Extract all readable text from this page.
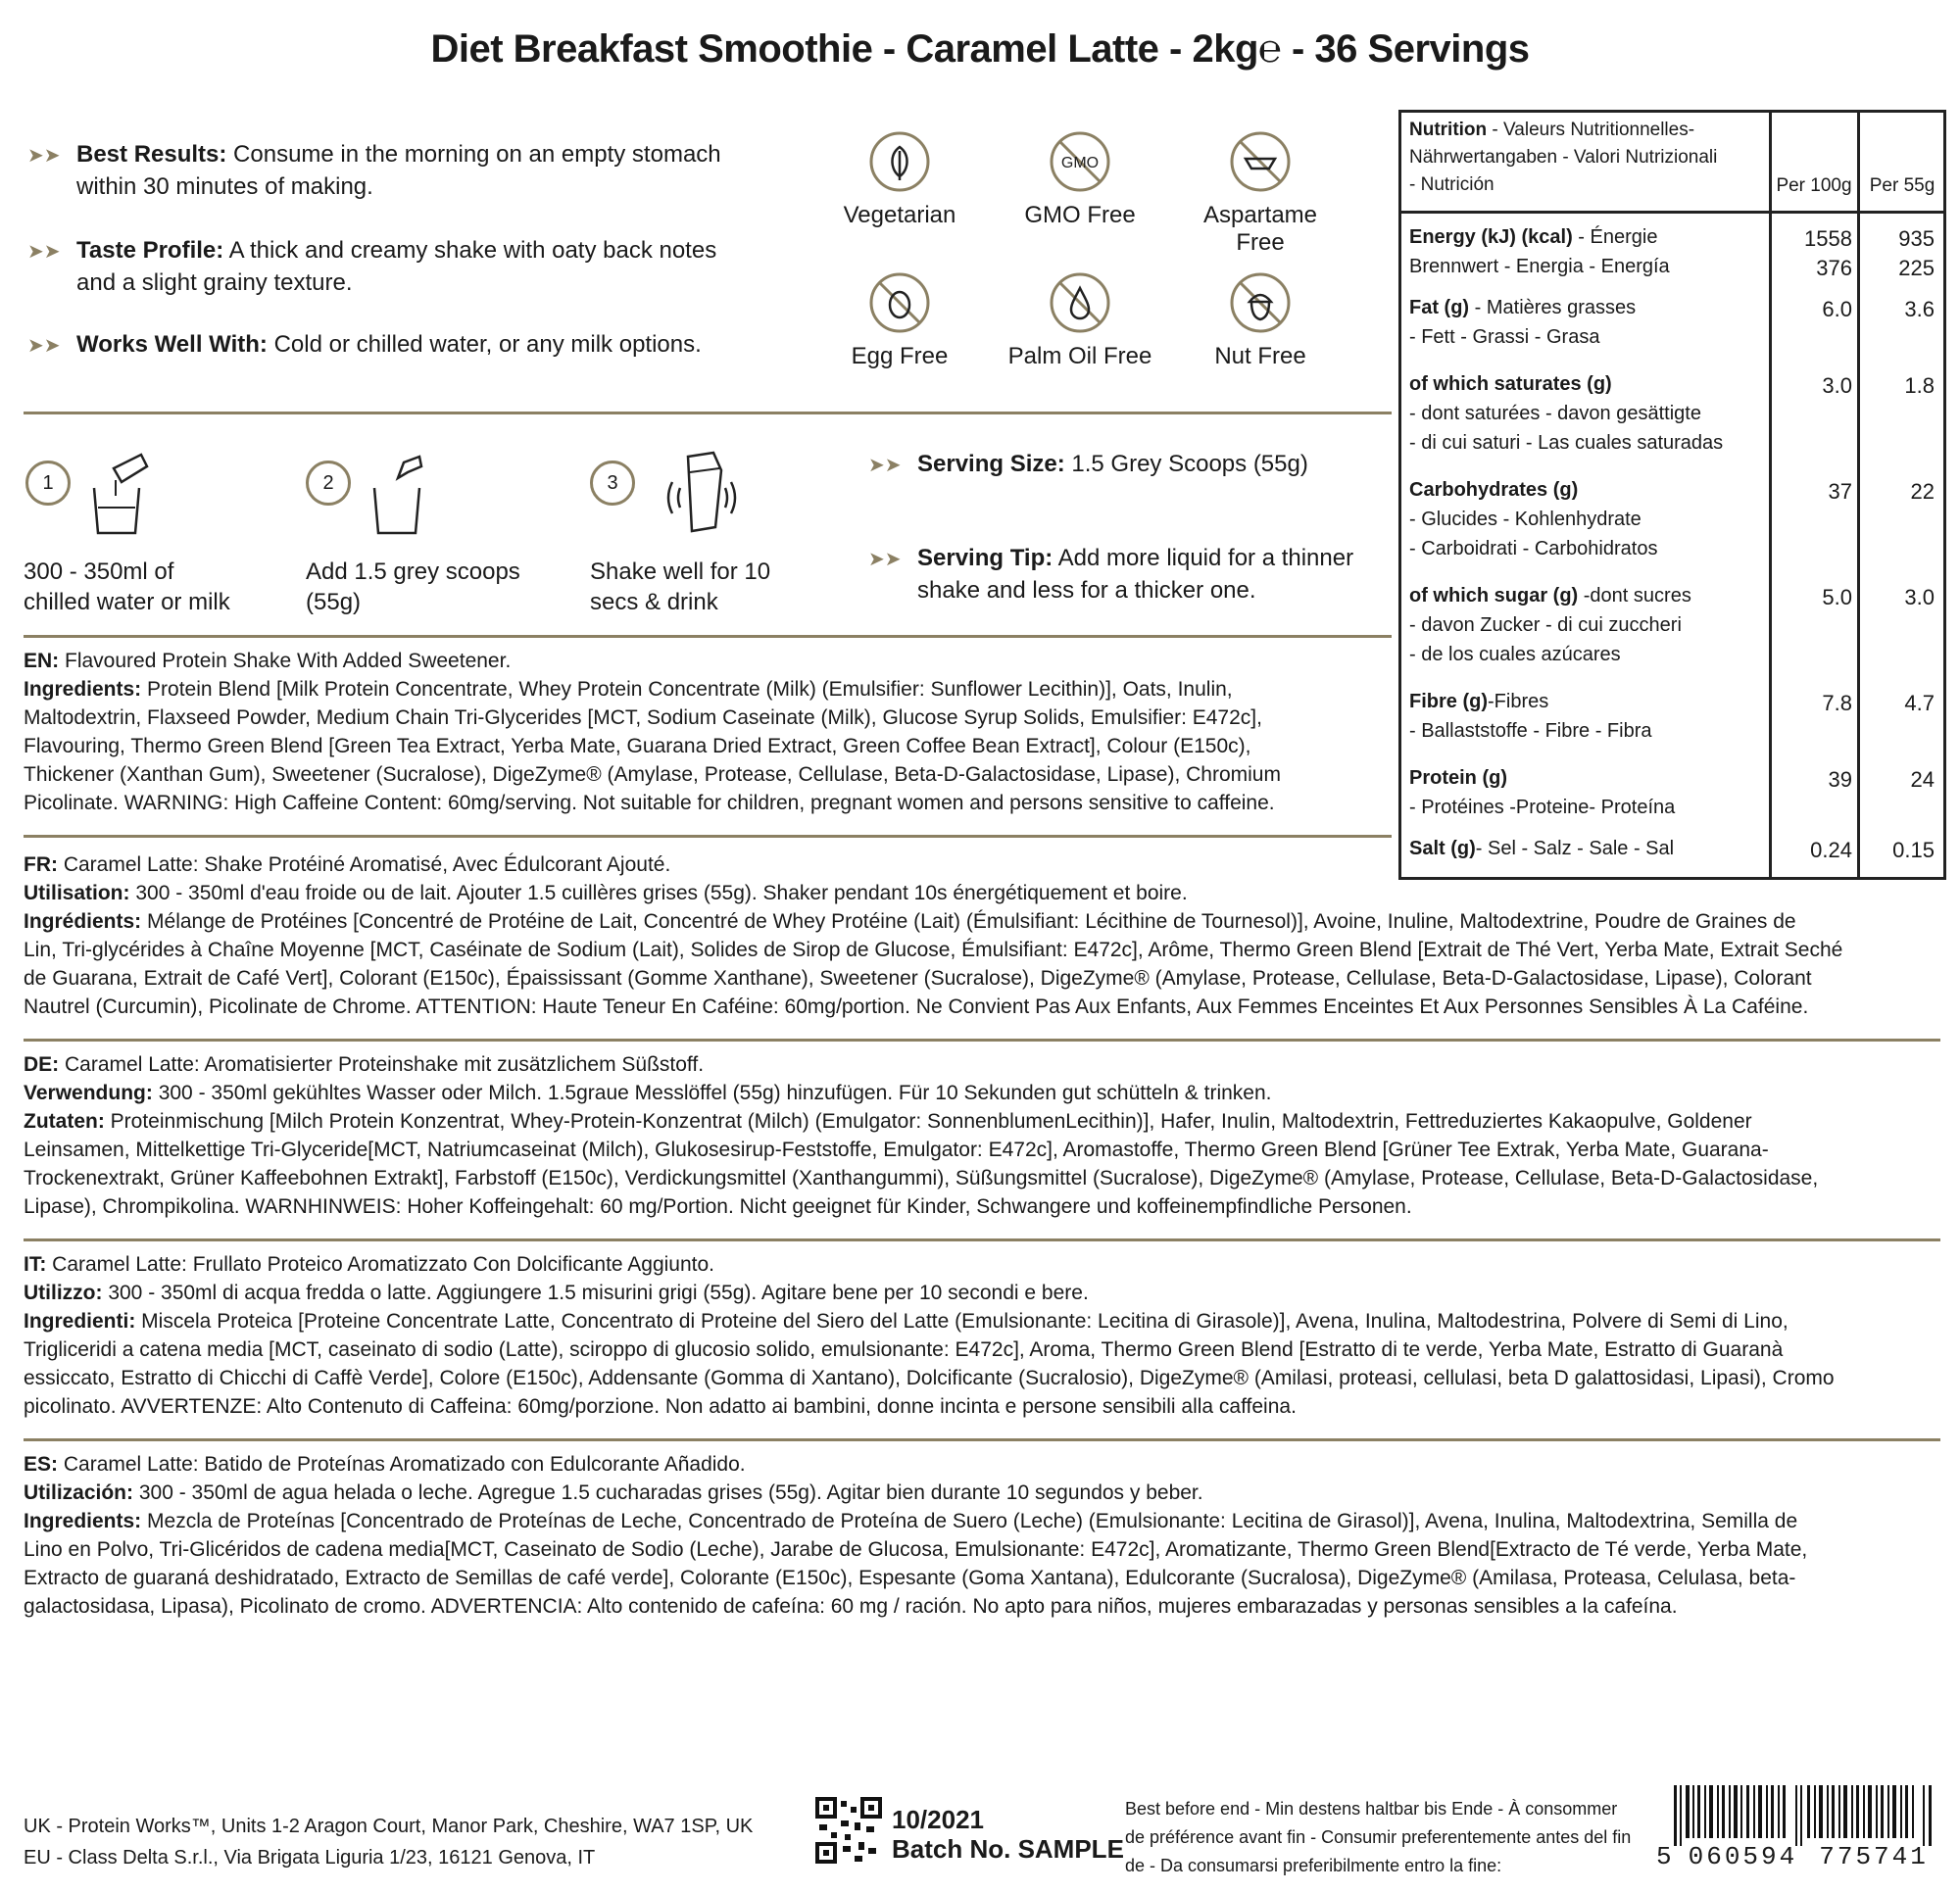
Diet Breakfast Smoothie - Caramel Latte - 2kg℮ - 36 Servings
➤➤ Best Results: Consume in the morning on an empty stomach
within 30 minutes of making.
➤➤ Taste Profile: A thick and creamy shake with oaty back notes
and a slight grainy texture.
➤➤ Works Well With: Cold or chilled water, or any milk options.
Vegetarian
GMO
GMO Free	Aspartame Free
Egg Free	Palm Oil Free	Nut Free
1
300 - 350ml of
chilled water or milk
2
Add 1.5 grey scoops
(55g)
3
Shake well for 10
secs & drink
➤➤ Serving Size: 1.5 Grey Scoops (55g)
➤➤ Serving Tip: Add more liquid for a thinner
shake and less for a thicker one.
EN: Flavoured Protein Shake With Added Sweetener.
Ingredients: Protein Blend [Milk Protein Concentrate, Whey Protein Concentrate (Milk) (Emulsifier: Sunflower Lecithin)], Oats, Inulin,
Maltodextrin, Flaxseed Powder, Medium Chain Tri-Glycerides [MCT, Sodium Caseinate (Milk), Glucose Syrup Solids, Emulsifier: E472c],
Flavouring, Thermo Green Blend [Green Tea Extract, Yerba Mate, Guarana Dried Extract, Green Coffee Bean Extract], Colour (E150c),
Thickener (Xanthan Gum), Sweetener (Sucralose), DigeZyme® (Amylase, Protease, Cellulase, Beta-D-Galactosidase, Lipase), Chromium
Picolinate. WARNING: High Caffeine Content: 60mg/serving. Not suitable for children, pregnant women and persons sensitive to caffeine.
Nutrition - Valeurs Nutritionnelles-
Nährwertangaben - Valori Nutrizionali
- Nutrición	Per 100g Per 55g
Energy (kJ) (kcal) - Énergie
Brennwert - Energia - Energía
1558	935
376	225
Fat (g) - Matières grasses
- Fett - Grassi - Grasa
6.0	3.6
of which saturates (g)
- dont saturées - davon gesättigte
- di cui saturi - Las cuales saturadas
3.0	1.8
Carbohydrates (g)
- Glucides - Kohlenhydrate
- Carboidrati - Carbohidratos
37	22
of which sugar (g) -dont sucres
- davon Zucker - di cui zuccheri
- de los cuales azúcares
5.0	3.0
Fibre (g)-Fibres
- Ballaststoffe - Fibre - Fibra
7.8	4.7
Protein (g)
- Protéines -Proteine- Proteína
39	24
Salt (g)- Sel - Salz - Sale - Sal	0.24	0.15
FR: Caramel Latte: Shake Protéiné Aromatisé, Avec Édulcorant Ajouté.
Utilisation: 300 - 350ml d'eau froide ou de lait. Ajouter 1.5 cuillères grises (55g). Shaker pendant 10s énergétiquement et boire.
Ingrédients: Mélange de Protéines [Concentré de Protéine de Lait, Concentré de Whey Protéine (Lait) (Émulsifiant: Lécithine de Tournesol)], Avoine, Inuline, Maltodextrine, Poudre de Graines de
Lin, Tri-glycérides à Chaîne Moyenne [MCT, Caséinate de Sodium (Lait), Solides de Sirop de Glucose, Émulsifiant: E472c], Arôme, Thermo Green Blend [Extrait de Thé Vert, Yerba Mate, Extrait Seché
de Guarana, Extrait de Café Vert], Colorant (E150c), Épaississant (Gomme Xanthane), Sweetener (Sucralose), DigeZyme® (Amylase, Protease, Cellulase, Beta-D-Galactosidase, Lipase), Colorant
Nautrel (Curcumin), Picolinate de Chrome. ATTENTION: Haute Teneur En Caféine: 60mg/portion. Ne Convient Pas Aux Enfants, Aux Femmes Enceintes Et Aux Personnes Sensibles À La Caféine.
DE: Caramel Latte: Aromatisierter Proteinshake mit zusätzlichem Süßstoff.
Verwendung: 300 - 350ml gekühltes Wasser oder Milch. 1.5graue Messlöffel (55g) hinzufügen. Für 10 Sekunden gut schütteln & trinken.
Zutaten: Proteinmischung [Milch Protein Konzentrat, Whey-Protein-Konzentrat (Milch) (Emulgator: SonnenblumenLecithin)], Hafer, Inulin, Maltodextrin, Fettreduziertes Kakaopulve, Goldener
Leinsamen, Mittelkettige Tri-Glyceride[MCT, Natriumcaseinat (Milch), Glukosesirup-Feststoffe, Emulgator: E472c], Aromastoffe, Thermo Green Blend [Grüner Tee Extrak, Yerba Mate, Guarana-
Trockenextrakt, Grüner Kaffeebohnen Extrakt], Farbstoff (E150c), Verdickungsmittel (Xanthangummi), Süßungsmittel (Sucralose), DigeZyme® (Amylase, Protease, Cellulase, Beta-D-Galactosidase,
Lipase), Chrompikolina. WARNHINWEIS: Hoher Koffeingehalt: 60 mg/Portion. Nicht geeignet für Kinder, Schwangere und koffeinempfindliche Personen.
IT: Caramel Latte: Frullato Proteico Aromatizzato Con Dolcificante Aggiunto.
Utilizzo: 300 - 350ml di acqua fredda o latte. Aggiungere 1.5 misurini grigi (55g). Agitare bene per 10 secondi e bere.
Ingredienti: Miscela Proteica [Proteine Concentrate Latte, Concentrato di Proteine del Siero del Latte (Emulsionante: Lecitina di Girasole)], Avena, Inulina, Maltodestrina, Polvere di Semi di Lino,
Trigliceridi a catena media [MCT, caseinato di sodio (Latte), sciroppo di glucosio solido, emulsionante: E472c], Aroma, Thermo Green Blend [Estratto di te verde, Yerba Mate, Estratto di Guaranà
essiccato, Estratto di Chicchi di Caffè Verde], Colore (E150c), Addensante (Gomma di Xantano), Dolcificante (Sucralosio), DigeZyme® (Amilasi, proteasi, cellulasi, beta D galattosidasi, Lipasi), Cromo
picolinato. AVVERTENZE: Alto Contenuto di Caffeina: 60mg/porzione. Non adatto ai bambini, donne incinta e persone sensibili alla caffeina.
ES: Caramel Latte: Batido de Proteínas Aromatizado con Edulcorante Añadido.
Utilización: 300 - 350ml de agua helada o leche. Agregue 1.5 cucharadas grises (55g). Agitar bien durante 10 segundos y beber.
Ingredients: Mezcla de Proteínas [Concentrado de Proteínas de Leche, Concentrado de Proteína de Suero (Leche) (Emulsionante: Lecitina de Girasol)], Avena, Inulina, Maltodextrina, Semilla de
Lino en Polvo, Tri-Glicéridos de cadena media[MCT, Caseinato de Sodio (Leche), Jarabe de Glucosa, Emulsionante: E472c], Aromatizante, Thermo Green Blend[Extracto de Té verde, Yerba Mate,
Extracto de guaraná deshidratado, Extracto de Semillas de café verde], Colorante (E150c), Espesante (Goma Xantana), Edulcorante (Sucralosa), DigeZyme® (Amilasa, Proteasa, Celulasa, beta-
galactosidasa, Lipasa), Picolinato de cromo. ADVERTENCIA: Alto contenido de cafeína: 60 mg / ración. No apto para niños, mujeres embarazadas y personas sensibles a la cafeína.
UK - Protein Works™, Units 1-2 Aragon Court, Manor Park, Cheshire, WA7 1SP, UK
EU - Class Delta S.r.l., Via Brigata Liguria 1/23, 16121 Genova, IT
10/2021
Batch No. SAMPLE
Best before end - Min destens haltbar bis Ende - À consommer
de préférence avant fin - Consumir preferentemente antes del fin
de - Da consumarsi preferibilmente entro la fine:	5 060594 775741
